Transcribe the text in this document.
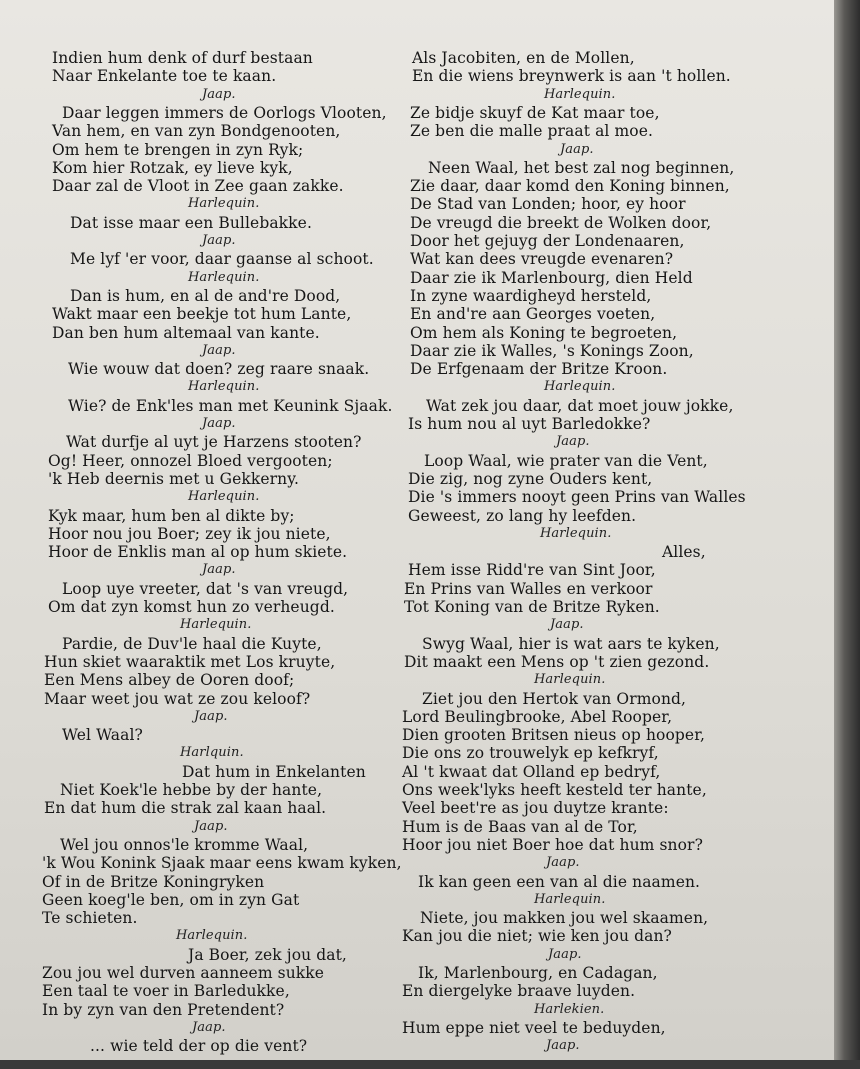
Indien hum denk of durf bestaan
Naar Enkelante toe te kaan.
Jaap.
Daar leggen immers de Oorlogs Vlooten,
Van hem, en van zyn Bondgenooten,
Om hem te brengen in zyn Ryk;
Kom hier Rotzak, ey lieve kyk,
Daar zal de Vloot in Zee gaan zakke.
Harlequin.
Dat isse maar een Bullebakke.
Jaap.
Me lyf 'er voor, daar gaanse al schoot.
Harlequin.
Dan is hum, en al de and're Dood,
Wakt maar een beekje tot hum Lante,
Dan ben hum altemaal van kante.
Jaap.
Wie wouw dat doen? zeg raare snaak.
Harlequin.
Wie? de Enk'les man met Keunink Sjaak.
Jaap.
Wat durfje al uyt je Harzens stooten?
Og! Heer, onnozel Bloed vergooten;
'k Heb deernis met u Gekkerny.
Harlequin.
Kyk maar, hum ben al dikte by;
Hoor nou jou Boer; zey ik jou niete,
Hoor de Enklis man al op hum skiete.
Jaap.
Loop uye vreeter, dat 's van vreugd,
Om dat zyn komst hun zo verheugd.
Harlequin.
Pardie, de Duv'le haal die Kuyte,
Hun skiet waaraktik met Los kruyte,
Een Mens albey de Ooren doof;
Maar weet jou wat ze zou keloof?
Jaap.
Wel Waal?
Harlquin.
Dat hum in Enkelanten
Niet Koek'le hebbe by der hante,
En dat hum die strak zal kaan haal.
Jaap.
Wel jou onnos'le kromme Waal,
'k Wou Konink Sjaak maar eens kwam kyken,
Of in de Britze Koningryken
Geen koeg'le ben, om in zyn Gat
Te schieten.
Harlequin.
Ja Boer, zek jou dat,
Zou jou wel durven aanneem sukke
Een taal te voer in Barledukke,
In by zyn van den Pretendent?
Jaap.
... wie teld der op die vent?
Als Jacobiten, en de Mollen,
En die wiens breynwerk is aan 't hollen.
Harlequin.
Ze bidje skuyf de Kat maar toe,
Ze ben die malle praat al moe.
Jaap.
Neen Waal, het best zal nog beginnen,
Zie daar, daar komd den Koning binnen,
De Stad van Londen; hoor, ey hoor
De vreugd die breekt de Wolken door,
Door het gejuyg der Londenaaren,
Wat kan dees vreugde evenaren?
Daar zie ik Marlenbourg, dien Held
In zyne waardigheyd hersteld,
En and're aan Georges voeten,
Om hem als Koning te begroeten,
Daar zie ik Walles, 's Konings Zoon,
De Erfgenaam der Britze Kroon.
Harlequin.
Wat zek jou daar, dat moet jouw jokke,
Is hum nou al uyt Barledokke?
Jaap.
Loop Waal, wie prater van die Vent,
Die zig, nog zyne Ouders kent,
Die 's immers nooyt geen Prins van Walles
Geweest, zo lang hy leefden.
Harlequin.
Alles,
Hem isse Ridd're van Sint Joor,
En Prins van Walles en verkoor
Tot Koning van de Britze Ryken.
Jaap.
Swyg Waal, hier is wat aars te kyken,
Dit maakt een Mens op 't zien gezond.
Harlequin.
Ziet jou den Hertok van Ormond,
Lord Beulingbrooke, Abel Rooper,
Dien grooten Britsen nieus op hooper,
Die ons zo trouwelyk ep kefkryf,
Al 't kwaat dat Olland ep bedryf,
Ons week'lyks heeft kesteld ter hante,
Veel beet're as jou duytze krante:
Hum is de Baas van al de Tor,
Hoor jou niet Boer hoe dat hum snor?
Jaap.
Ik kan geen een van al die naamen.
Harlequin.
Niete, jou makken jou wel skaamen,
Kan jou die niet; wie ken jou dan?
Jaap.
Ik, Marlenbourg, en Cadagan,
En diergelyke braave luyden.
Harlekien.
Hum eppe niet veel te beduyden,
Jaap.
